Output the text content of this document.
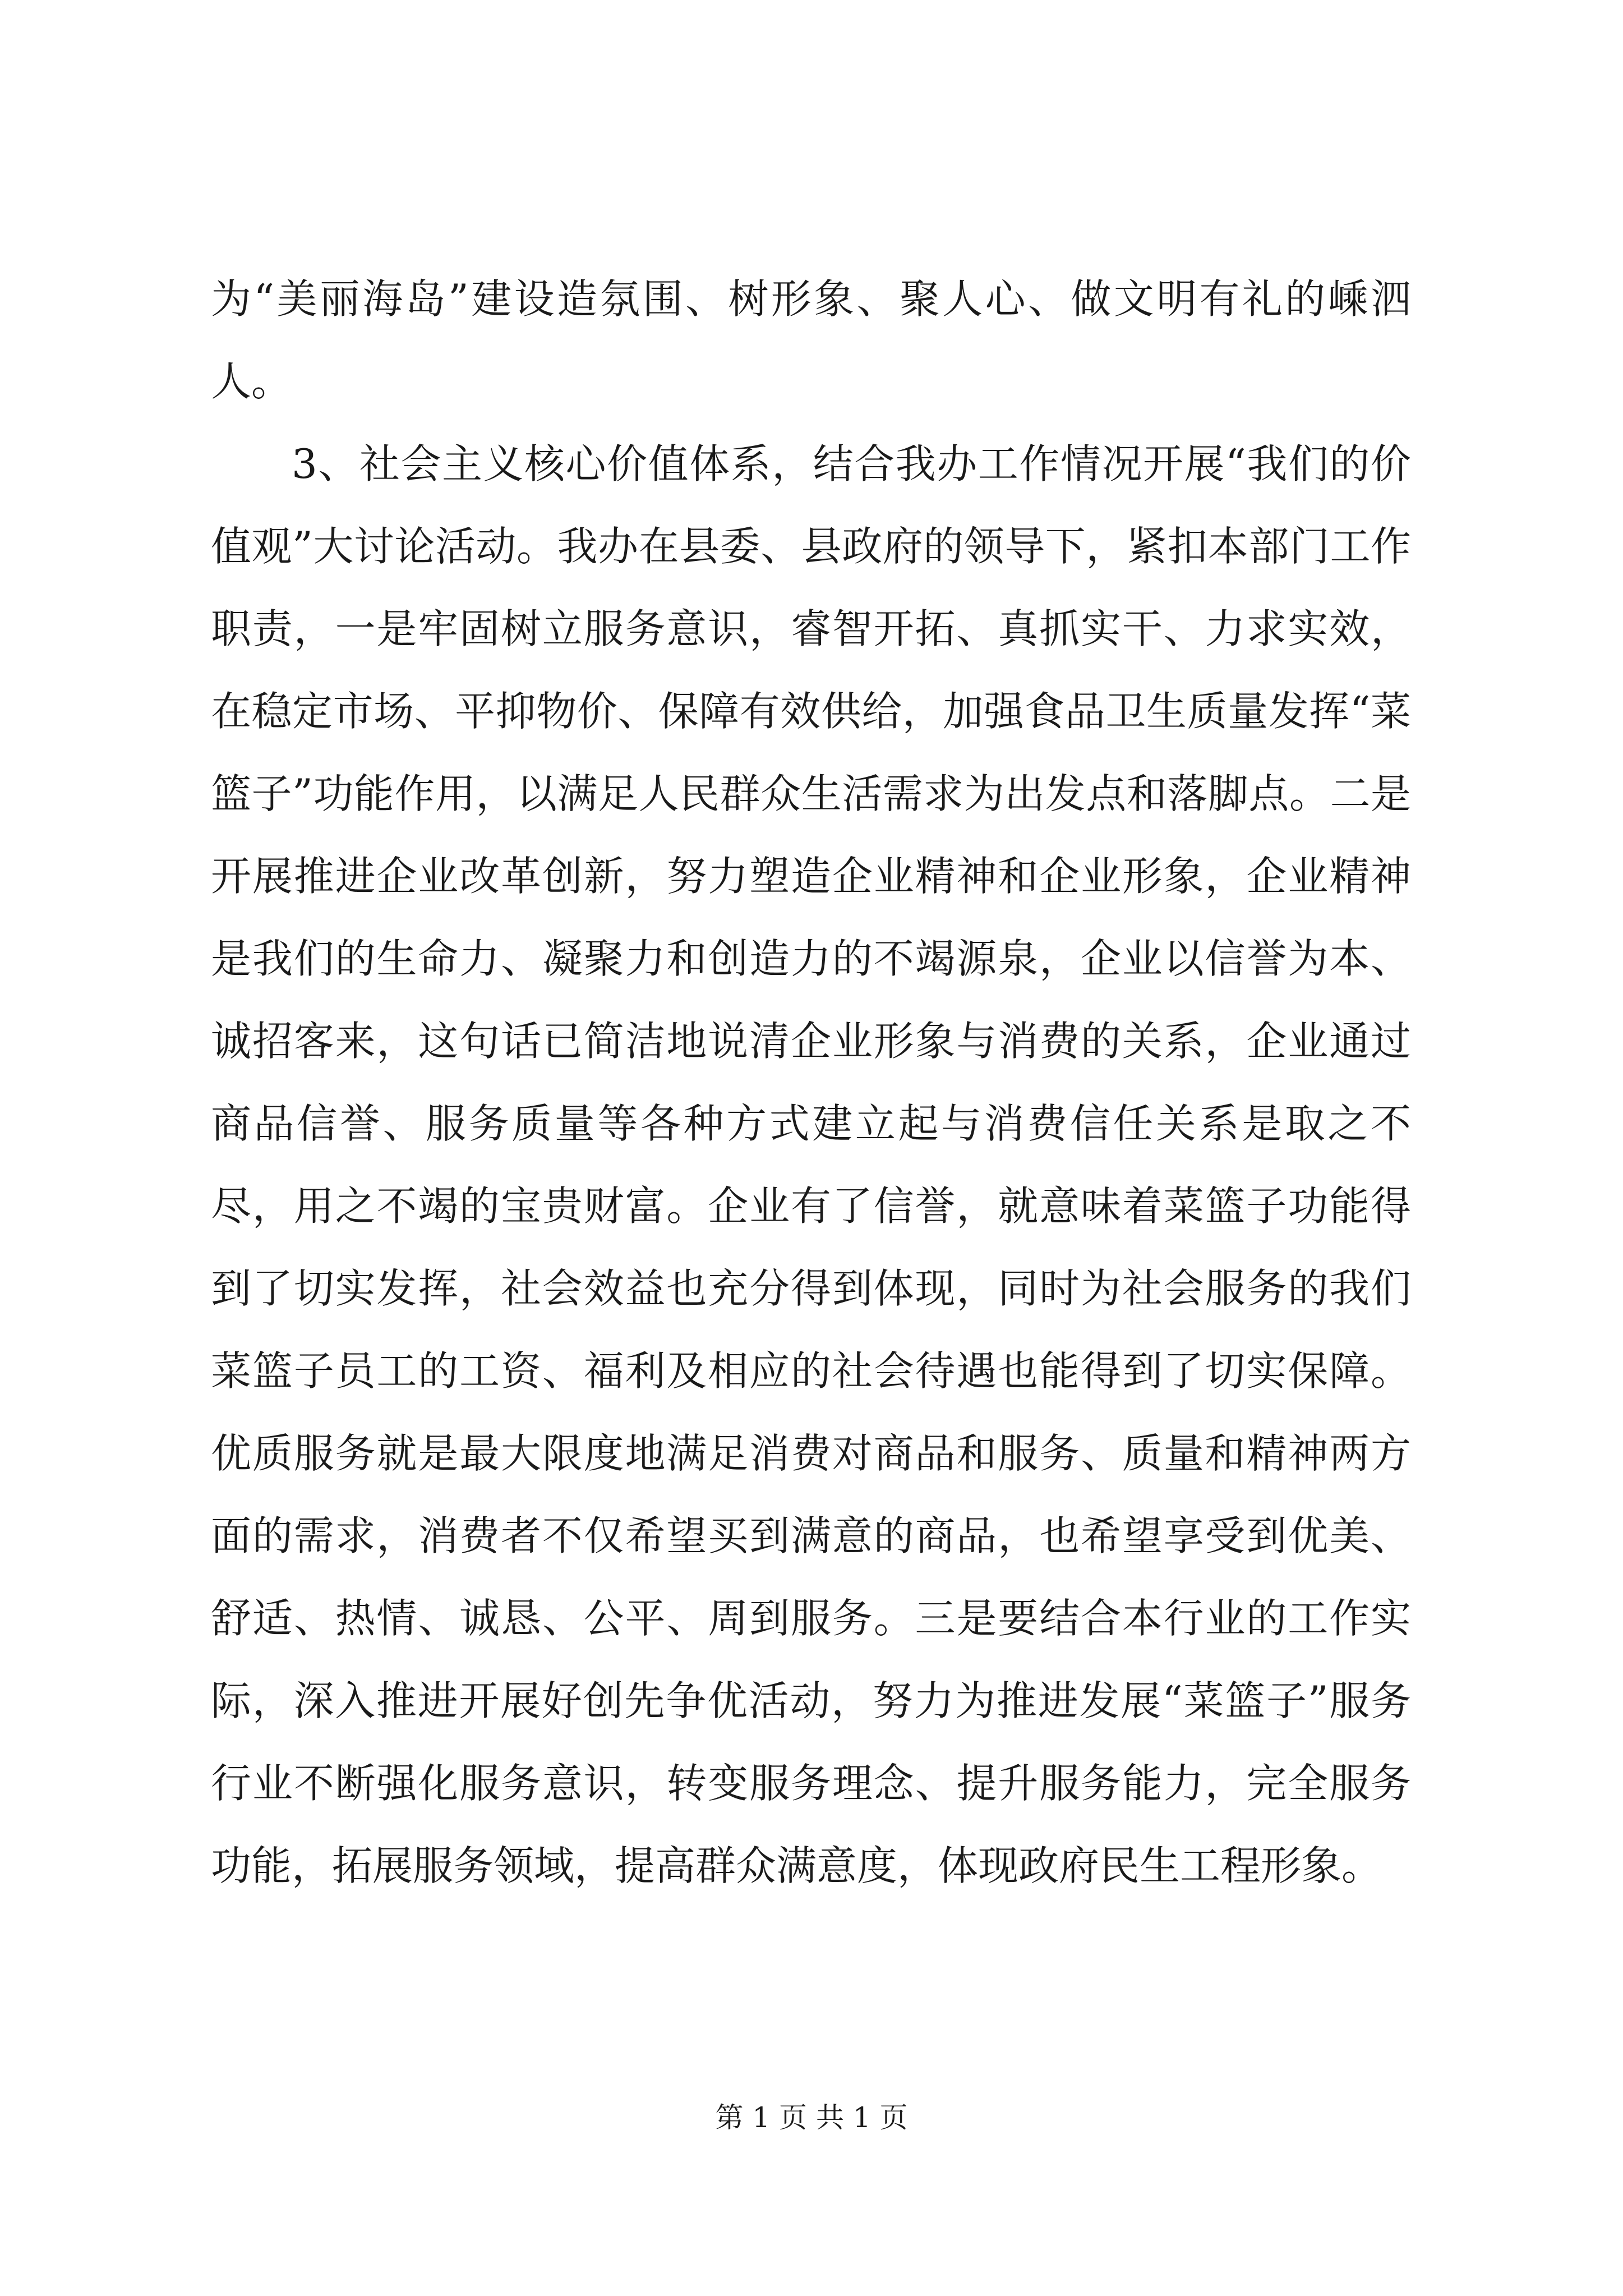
为“美丽海岛”建设造氛围、树形象、聚人心、做文明有礼的嵊泗人。

3、社会主义核心价值体系，结合我办工作情况开展“我们的价值观”大讨论活动。我办在县委、县政府的领导下，紧扣本部门工作职责，一是牢固树立服务意识，睿智开拓、真抓实干、力求实效，在稳定市场、平抑物价、保障有效供给，加强食品卫生质量发挥“菜篮子”功能作用，以满足人民群众生活需求为出发点和落脚点。二是开展推进企业改革创新，努力塑造企业精神和企业形象，企业精神是我们的生命力、凝聚力和创造力的不竭源泉，企业以信誉为本、诚招客来，这句话已简洁地说清企业形象与消费的关系，企业通过商品信誉、服务质量等各种方式建立起与消费信任关系是取之不尽，用之不竭的宝贵财富。企业有了信誉，就意味着菜篮子功能得到了切实发挥，社会效益也充分得到体现，同时为社会服务的我们菜篮子员工的工资、福利及相应的社会待遇也能得到了切实保障。优质服务就是最大限度地满足消费对商品和服务、质量和精神两方面的需求，消费者不仅希望买到满意的商品，也希望享受到优美、舒适、热情、诚恳、公平、周到服务。三是要结合本行业的工作实际，深入推进开展好创先争优活动，努力为推进发展“菜篮子”服务行业不断强化服务意识，转变服务理念、提升服务能力，完全服务功能，拓展服务领域，提高群众满意度，体现政府民生工程形象。

第 1 页 共 1 页
